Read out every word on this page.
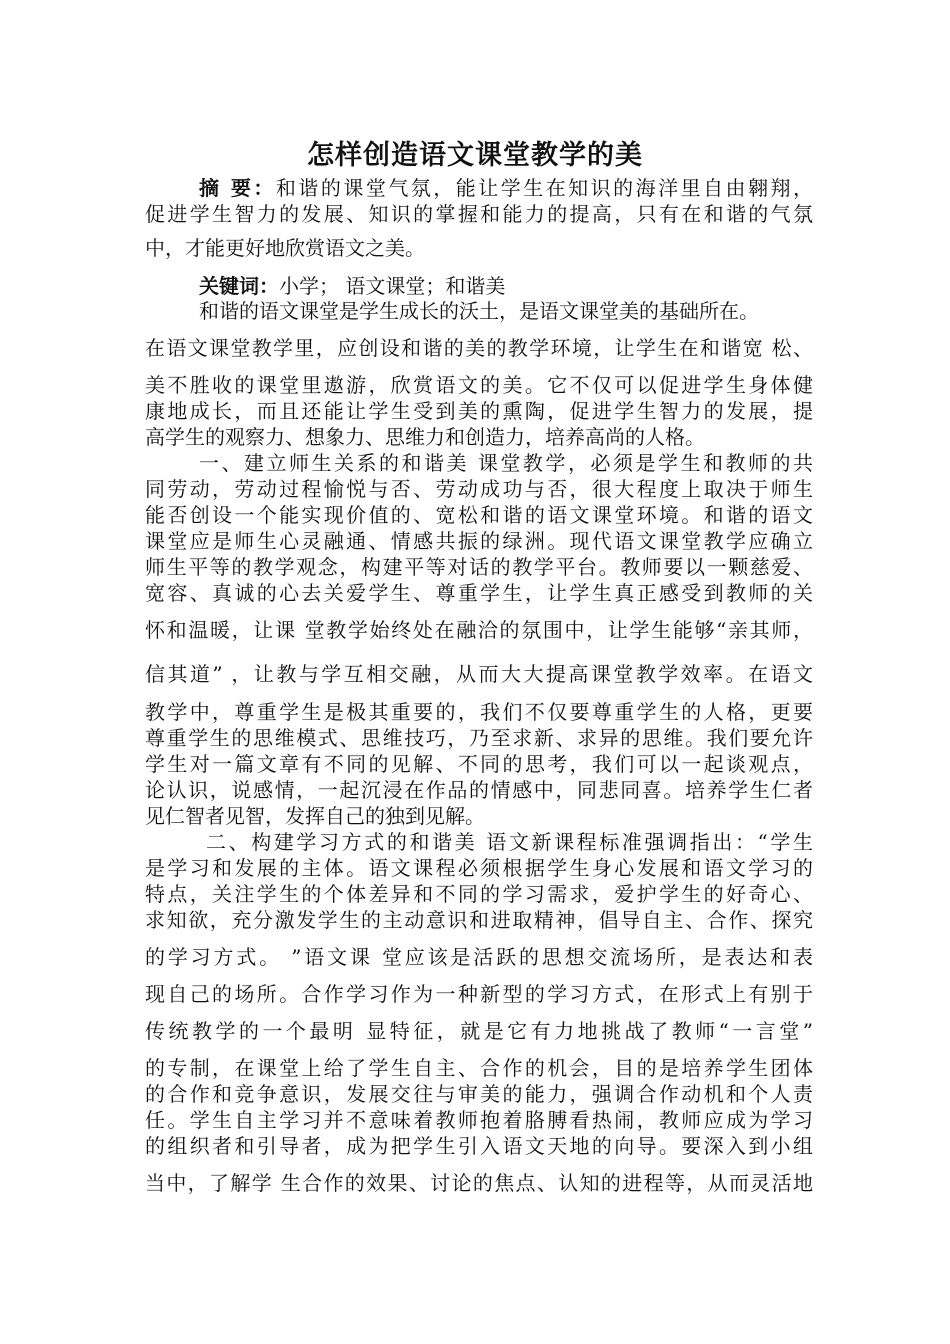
怎样创造语文课堂教学的美
摘 要：和谐的课堂气氛，能让学生在知识的海洋里自由翱翔，
促进学生智力的发展、知识的掌握和能力的提高，只有在和谐的气氛
中，才能更好地欣赏语文之美。
关键词：小学； 语文课堂；和谐美
和谐的语文课堂是学生成长的沃土，是语文课堂美的基础所在。
在语文课堂教学里，应创设和谐的美的教学环境，让学生在和谐宽 松、
美不胜收的课堂里遨游，欣赏语文的美。它不仅可以促进学生身体健
康地成长，而且还能让学生受到美的熏陶，促进学生智力的发展，提
高学生的观察力、想象力、思维力和创造力，培养高尚的人格。
一、建立师生关系的和谐美 课堂教学，必须是学生和教师的共
同劳动，劳动过程愉悦与否、劳动成功与否，很大程度上取决于师生
能否创设一个能实现价值的、宽松和谐的语文课堂环境。和谐的语文
课堂应是师生心灵融通、情感共振的绿洲。现代语文课堂教学应确立
师生平等的教学观念，构建平等对话的教学平台。教师要以一颗慈爱、
宽容、真诚的心去关爱学生、尊重学生，让学生真正感受到教师的关
怀和温暖，让课 堂教学始终处在融洽的氛围中，让学生能够“亲其师，
信其道” ，让教与学互相交融，从而大大提高课堂教学效率。在语文
教学中，尊重学生是极其重要的，我们不仅要尊重学生的人格，更要
尊重学生的思维模式、思维技巧，乃至求新、求异的思维。我们要允许
学生对一篇文章有不同的见解、不同的思考，我们可以一起谈观点，
论认识，说感情，一起沉浸在作品的情感中，同悲同喜。培养学生仁者
见仁智者见智，发挥自己的独到见解。
二、构建学习方式的和谐美 语文新课程标准强调指出：“学生
是学习和发展的主体。语文课程必须根据学生身心发展和语文学习的
特点，关注学生的个体差异和不同的学习需求，爱护学生的好奇心、
求知欲，充分激发学生的主动意识和进取精神，倡导自主、合作、探究
的学习方式。 ”语文课 堂应该是活跃的思想交流场所，是表达和表
现自己的场所。合作学习作为一种新型的学习方式，在形式上有别于
传统教学的一个最明 显特征，就是它有力地挑战了教师“一言堂”
的专制，在课堂上给了学生自主、合作的机会，目的是培养学生团体
的合作和竞争意识，发展交往与审美的能力，强调合作动机和个人责
任。学生自主学习并不意味着教师抱着胳膊看热闹，教师应成为学习
的组织者和引导者，成为把学生引入语文天地的向导。要深入到小组
当中，了解学 生合作的效果、讨论的焦点、认知的进程等，从而灵活地
